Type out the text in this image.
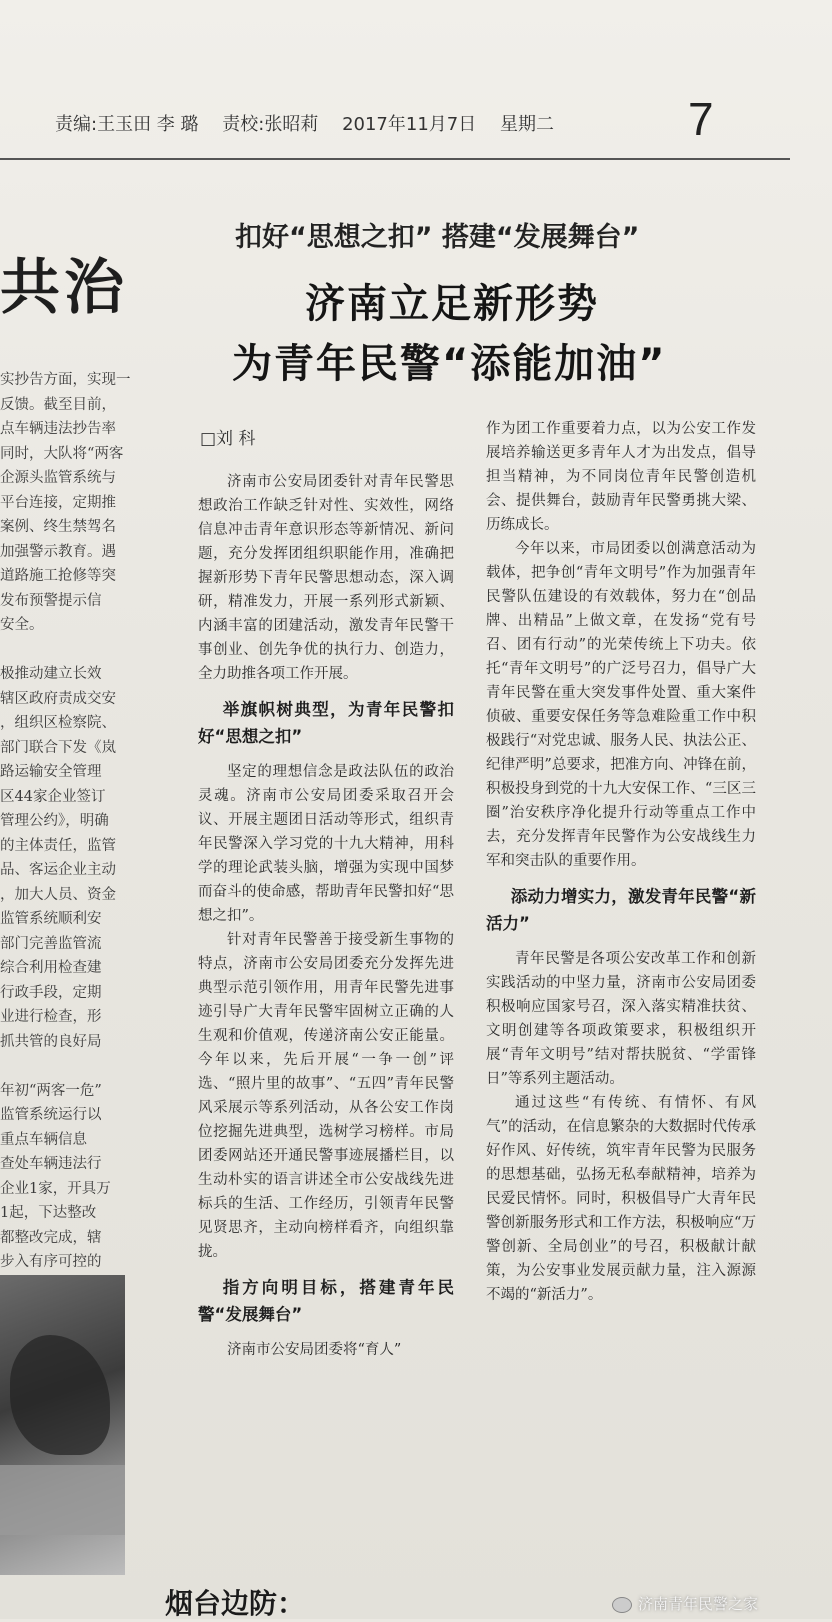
责编:王玉田 李 璐 责校:张昭莉 2017年11月7日 星期二	7
共治
实抄告方面，实现一
反馈。截至目前，
点车辆违法抄告率
同时，大队将“两客
企源头监管系统与
平台连接，定期推
案例、终生禁驾名
加强警示教育。遇
道路施工抢修等突
发布预警提示信
安全。

极推动建立长效
辖区政府责成交安
，组织区检察院、
部门联合下发《岚
路运输安全管理
区44家企业签订
管理公约》，明确
的主体责任，监管
品、客运企业主动
，加大人员、资金
监管系统顺利安
部门完善监管流
综合利用检查建
行政手段，定期
业进行检查，形
抓共管的良好局

年初“两客一危”
监管系统运行以
重点车辆信息
查处车辆违法行
企业1家，开具万
1起，下达整改
都整改完成，辖
步入有序可控的
扣好“思想之扣” 搭建“发展舞台”
济南立足新形势
为青年民警“添能加油”
□刘 科

济南市公安局团委针对青年民警思想政治工作缺乏针对性、实效性，网络信息冲击青年意识形态等新情况、新问题，充分发挥团组织职能作用，准确把握新形势下青年民警思想动态，深入调研，精准发力，开展一系列形式新颖、内涵丰富的团建活动，激发青年民警干事创业、创先争优的执行力、创造力，全力助推各项工作开展。

举旗帜树典型，为青年民警扣好“思想之扣”

坚定的理想信念是政法队伍的政治灵魂。济南市公安局团委采取召开会议、开展主题团日活动等形式，组织青年民警深入学习党的十九大精神，用科学的理论武装头脑，增强为实现中国梦而奋斗的使命感，帮助青年民警扣好“思想之扣”。

针对青年民警善于接受新生事物的特点，济南市公安局团委充分发挥先进典型示范引领作用，用青年民警先进事迹引导广大青年民警牢固树立正确的人生观和价值观，传递济南公安正能量。今年以来，先后开展“一争一创”评选、“照片里的故事”、“五四”青年民警风采展示等系列活动，从各公安工作岗位挖掘先进典型，选树学习榜样。市局团委网站还开通民警事迹展播栏目，以生动朴实的语言讲述全市公安战线先进标兵的生活、工作经历，引领青年民警见贤思齐，主动向榜样看齐，向组织靠拢。

指方向明目标，搭建青年民警“发展舞台”

济南市公安局团委将“育人”

作为团工作重要着力点，以为公安工作发展培养输送更多青年人才为出发点，倡导担当精神，为不同岗位青年民警创造机会、提供舞台，鼓励青年民警勇挑大梁、历练成长。

今年以来，市局团委以创满意活动为载体，把争创“青年文明号”作为加强青年民警队伍建设的有效载体，努力在“创品牌、出精品”上做文章，在发扬“党有号召、团有行动”的光荣传统上下功夫。依托“青年文明号”的广泛号召力，倡导广大青年民警在重大突发事件处置、重大案件侦破、重要安保任务等急难险重工作中积极践行“对党忠诚、服务人民、执法公正、纪律严明”总要求，把准方向、冲锋在前，积极投身到党的十九大安保工作、“三区三圈”治安秩序净化提升行动等重点工作中去，充分发挥青年民警作为公安战线生力军和突击队的重要作用。

添动力增实力，激发青年民警“新活力”

青年民警是各项公安改革工作和创新实践活动的中坚力量，济南市公安局团委积极响应国家号召，深入落实精准扶贫、文明创建等各项政策要求，积极组织开展“青年文明号”结对帮扶脱贫、“学雷锋日”等系列主题活动。

通过这些“有传统、有情怀、有风气”的活动，在信息繁杂的大数据时代传承好作风、好传统，筑牢青年民警为民服务的思想基础，弘扬无私奉献精神，培养为民爱民情怀。同时，积极倡导广大青年民警创新服务形式和工作方法，积极响应“万警创新、全局创业”的号召，积极献计献策，为公安事业发展贡献力量，注入源源不竭的“新活力”。

烟台边防：	济南青年民警之家
